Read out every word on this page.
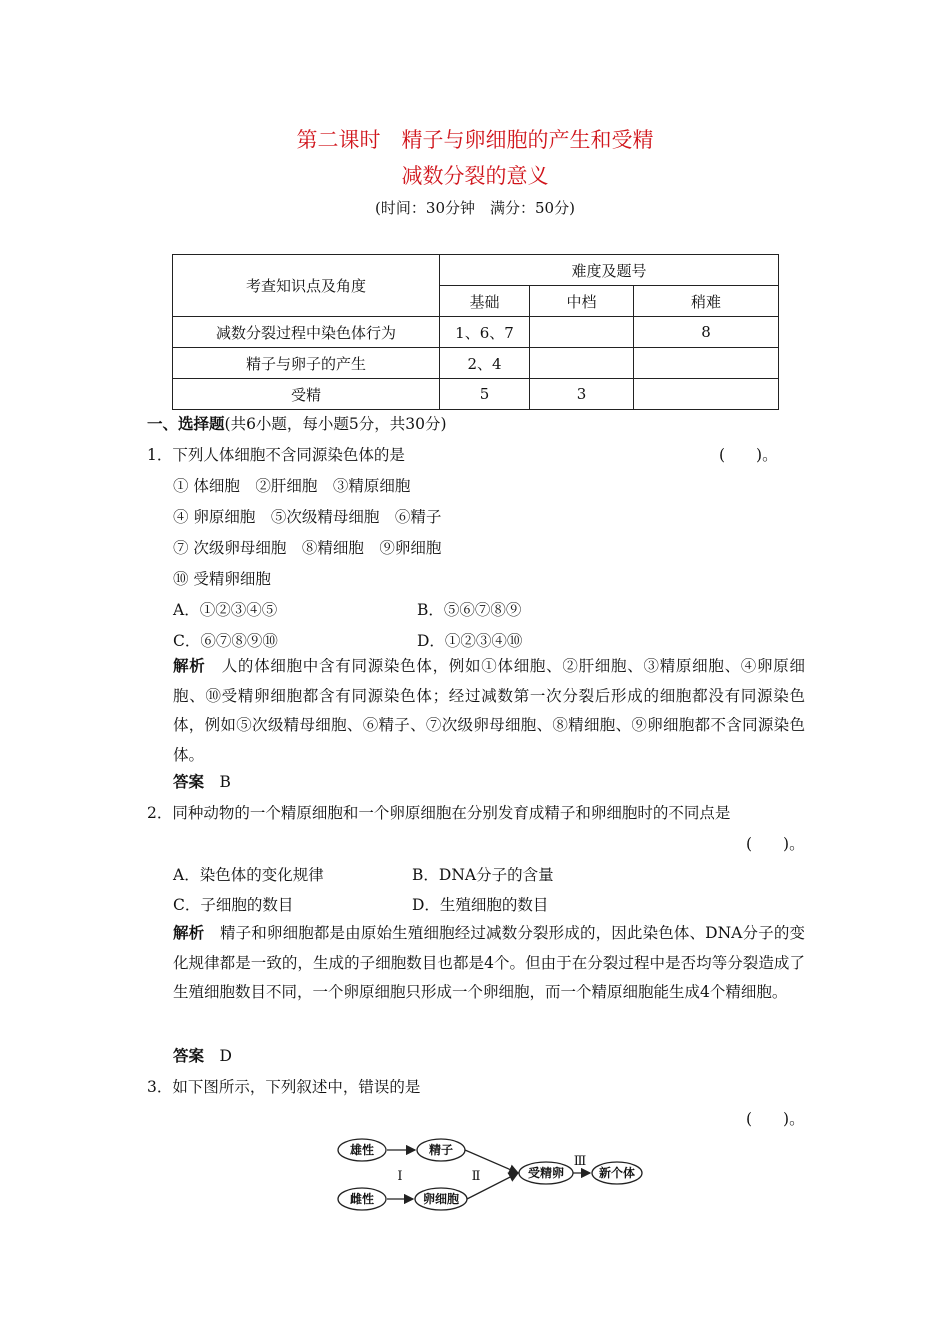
第二课时　精子与卵细胞的产生和受精
减数分裂的意义
(时间：30分钟　满分：50分)
考查知识点及角度	难度及题号		
	基础	中档	稍难
减数分裂过程中染色体行为	1、6、7		8
精子与卵子的产生	2、4		
受精	5	3	
一、选择题(共6小题，每小题5分，共30分)
1．下列人体细胞不含同源染色体的是	(　　)。
① 体细胞　②肝细胞　③精原细胞
④ 卵原细胞　⑤次级精母细胞　⑥精子
⑦ 次级卵母细胞　⑧精细胞　⑨卵细胞
⑩ 受精卵细胞
A．①②③④⑤	B．⑤⑥⑦⑧⑨
C．⑥⑦⑧⑨⑩	D．①②③④⑩
解析　 人的体细胞中含有同源染色体，例如①体细胞、②肝细胞、③精原细胞、④卵原细胞、⑩受精卵细胞都含有同源染色体；经过减数第一次分裂后形成的细胞都没有同源染色体，例如⑤次级精母细胞、⑥精子、⑦次级卵母细胞、⑧精细胞、⑨卵细胞都不含同源染色体。
答案　 B
2．同种动物的一个精原细胞和一个卵原细胞在分别发育成精子和卵细胞时的不同点是
(　　)。
A．染色体的变化规律	B．DNA分子的含量
C．子细胞的数目	D．生殖细胞的数目
解析　 精子和卵细胞都是由原始生殖细胞经过减数分裂形成的，因此染色体、DNA分子的变化规律都是一致的，生成的子细胞数目也都是4个。但由于在分裂过程中是否均等分裂造成了生殖细胞数目不同，一个卵原细胞只形成一个卵细胞，而一个精原细胞能生成4个精细胞。
答案　 D
3．如下图所示，下列叙述中，错误的是
(　　)。
雄性
雌性
精子
卵细胞
受精卵	新个体
Ⅰ	Ⅱ
Ⅲ
